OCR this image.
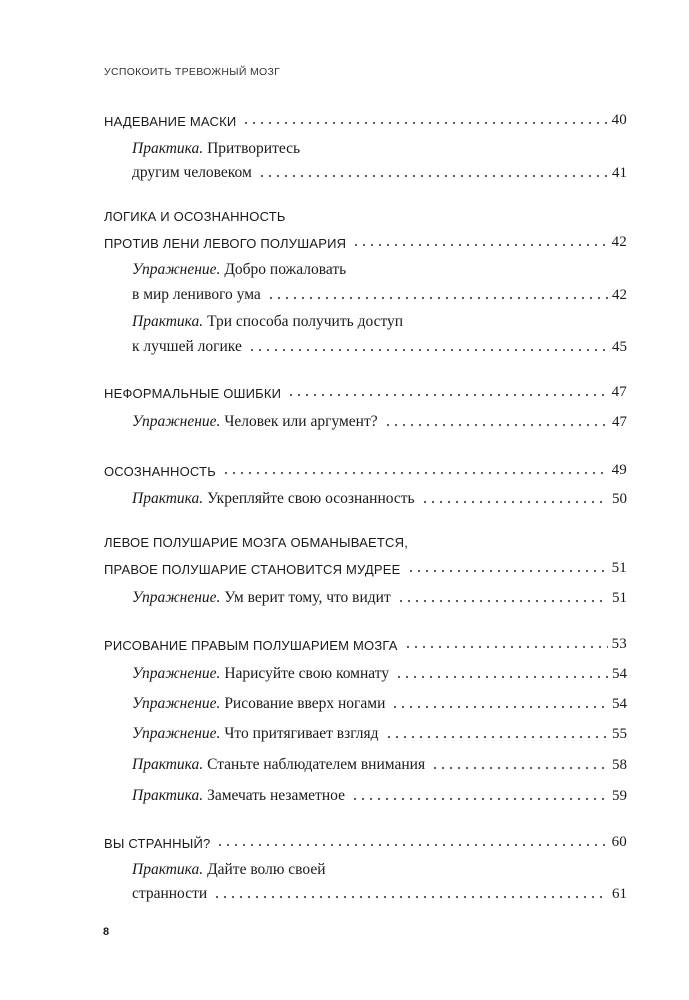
УСПОКОИТЬ ТРЕВОЖНЫЙ МОЗГ
НАДЕВАНИЕ МАСКИ	40
Практика. Притворитесь
другим человеком	41
ЛОГИКА И ОСОЗНАННОСТЬ
ПРОТИВ ЛЕНИ ЛЕВОГО ПОЛУШАРИЯ	42
Упражнение. Добро пожаловать
в мир ленивого ума	42
Практика. Три способа получить доступ
к лучшей логике	45
НЕФОРМАЛЬНЫЕ ОШИБКИ	47
Упражнение. Человек или аргумент?	47
ОСОЗНАННОСТЬ	49
Практика. Укрепляйте свою осознанность	50
ЛЕВОЕ ПОЛУШАРИЕ МОЗГА ОБМАНЫВАЕТСЯ,
ПРАВОЕ ПОЛУШАРИЕ СТАНОВИТСЯ МУДРЕЕ	51
Упражнение. Ум верит тому, что видит	51
РИСОВАНИЕ ПРАВЫМ ПОЛУШАРИЕМ МОЗГА	53
Упражнение. Нарисуйте свою комнату	54
Упражнение. Рисование вверх ногами	54
Упражнение. Что притягивает взгляд	55
Практика. Станьте наблюдателем внимания	58
Практика. Замечать незаметное	59
ВЫ СТРАННЫЙ?	60
Практика. Дайте волю своей
странности	61
8
